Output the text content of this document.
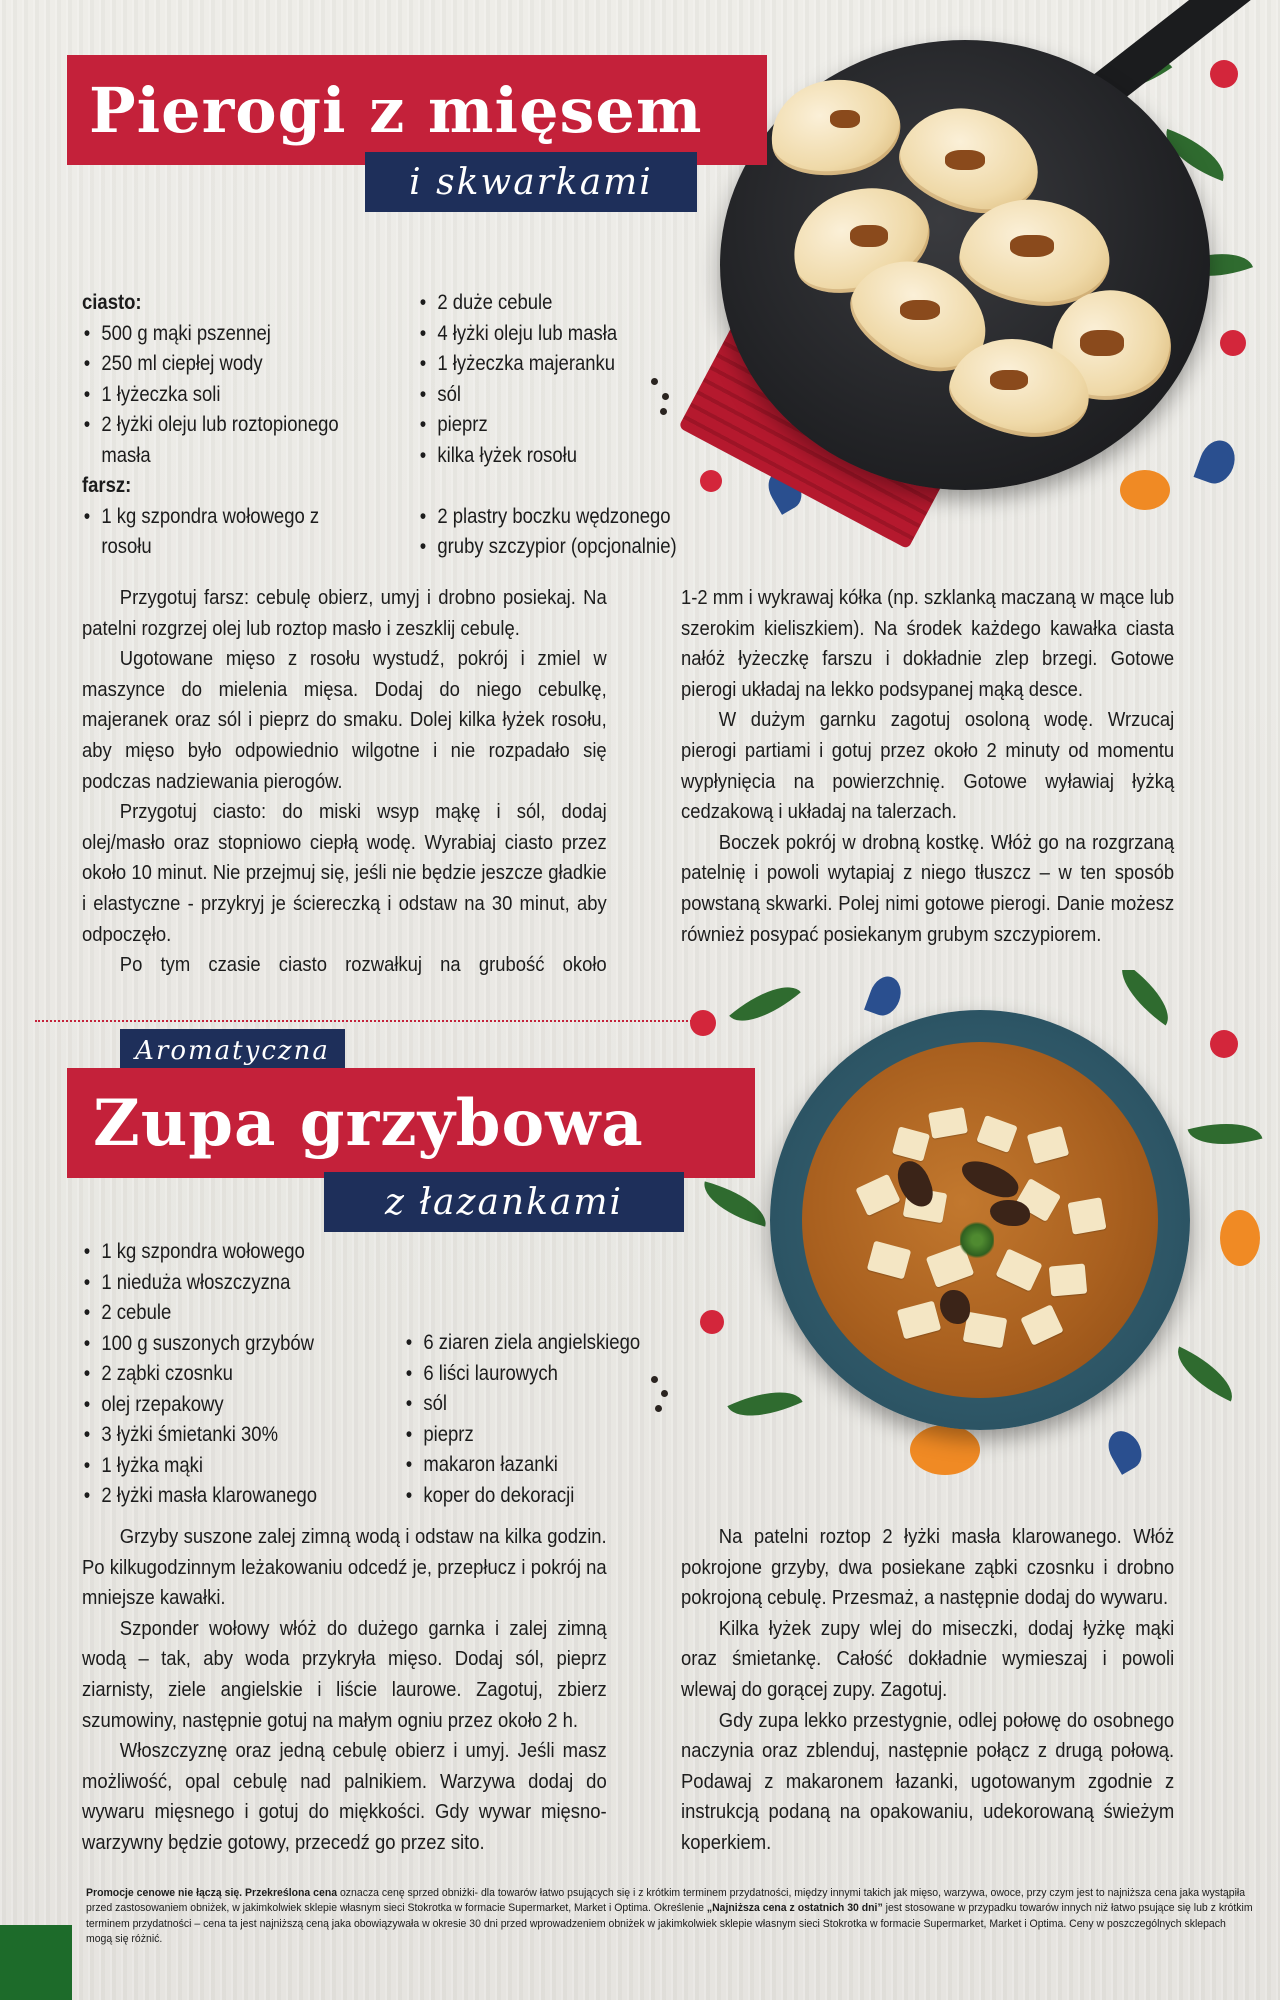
Pierogi z mięsem
i skwarkami
ciasto:
• 500 g mąki pszennej
• 250 ml ciepłej wody
• 1 łyżeczka soli
• 2 łyżki oleju lub roztopionego masła
farsz:
• 1 kg szpondra wołowego z rosołu
• 2 duże cebule
• 4 łyżki oleju lub masła
• 1 łyżeczka majeranku
• sól
• pieprz
• kilka łyżek rosołu
• 2 plastry boczku wędzonego
• gruby szczypior (opcjonalnie)

Przygotuj farsz: cebulę obierz, umyj i drobno posiekaj. Na patelni rozgrzej olej lub roztop masło i zeszklij cebulę.

Ugotowane mięso z rosołu wystudź, pokrój i zmiel w maszynce do mielenia mięsa. Dodaj do niego cebulkę, majeranek oraz sól i pieprz do smaku. Dolej kilka łyżek rosołu, aby mięso było odpowiednio wilgotne i nie rozpadało się podczas nadziewania pierogów.

Przygotuj ciasto: do miski wsyp mąkę i sól, dodaj olej/masło oraz stopniowo ciepłą wodę. Wyrabiaj ciasto przez około 10 minut. Nie przejmuj się, jeśli nie będzie jeszcze gładkie i elastyczne - przykryj je ściereczką i odstaw na 30 minut, aby odpoczęło.

Po tym czasie ciasto rozwałkuj na grubość około

1-2 mm i wykrawaj kółka (np. szklanką maczaną w mące lub szerokim kieliszkiem). Na środek każdego kawałka ciasta nałóż łyżeczkę farszu i dokładnie zlep brzegi. Gotowe pierogi układaj na lekko podsypanej mąką desce.

W dużym garnku zagotuj osoloną wodę. Wrzucaj pierogi partiami i gotuj przez około 2 minuty od momentu wypłynięcia na powierzchnię. Gotowe wyławiaj łyżką cedzakową i układaj na talerzach.

Boczek pokrój w drobną kostkę. Włóż go na rozgrzaną patelnię i powoli wytapiaj z niego tłuszcz – w ten sposób powstaną skwarki. Polej nimi gotowe pierogi. Danie możesz również posypać posiekanym grubym szczypiorem.

Aromatyczna
Zupa grzybowa
z łazankami
• 1 kg szpondra wołowego
• 1 nieduża włoszczyzna
• 2 cebule
• 100 g suszonych grzybów
• 2 ząbki czosnku
• olej rzepakowy
• 3 łyżki śmietanki 30%
• 1 łyżka mąki
• 2 łyżki masła klarowanego
• 6 ziaren ziela angielskiego
• 6 liści laurowych
• sól
• pieprz
• makaron łazanki
• koper do dekoracji

Grzyby suszone zalej zimną wodą i odstaw na kilka godzin. Po kilkugodzinnym leżakowaniu odcedź je, przepłucz i pokrój na mniejsze kawałki.

Szponder wołowy włóż do dużego garnka i zalej zimną wodą – tak, aby woda przykryła mięso. Dodaj sól, pieprz ziarnisty, ziele angielskie i liście laurowe. Zagotuj, zbierz szumowiny, następnie gotuj na małym ogniu przez około 2 h.

Włoszczyznę oraz jedną cebulę obierz i umyj. Jeśli masz możliwość, opal cebulę nad palnikiem. Warzywa dodaj do wywaru mięsnego i gotuj do miękkości. Gdy wywar mięsno-warzywny będzie gotowy, przecedź go przez sito.

Na patelni roztop 2 łyżki masła klarowanego. Włóż pokrojone grzyby, dwa posiekane ząbki czosnku i drobno pokrojoną cebulę. Przesmaż, a następnie dodaj do wywaru.

Kilka łyżek zupy wlej do miseczki, dodaj łyżkę mąki oraz śmietankę. Całość dokładnie wymieszaj i powoli wlewaj do gorącej zupy. Zagotuj.

Gdy zupa lekko przestygnie, odlej połowę do osobnego naczynia oraz zblenduj, następnie połącz z drugą połową. Podawaj z makaronem łazanki, ugotowanym zgodnie z instrukcją podaną na opakowaniu, udekorowaną świeżym koperkiem.

Promocje cenowe nie łączą się. Przekreślona cena oznacza cenę sprzed obniżki- dla towarów łatwo psujących się i z krótkim terminem przydatności, między innymi takich jak mięso, warzywa, owoce, przy czym jest to najniższa cena jaka wystąpiła przed zastosowaniem obniżek, w jakimkolwiek sklepie własnym sieci Stokrotka w formacie Supermarket, Market i Optima. Określenie „Najniższa cena z ostatnich 30 dni” jest stosowane w przypadku towarów innych niż łatwo psujące się lub z krótkim terminem przydatności – cena ta jest najniższą ceną jaka obowiązywała w okresie 30 dni przed wprowadzeniem obniżek w jakimkolwiek sklepie własnym sieci Stokrotka w formacie Supermarket, Market i Optima. Ceny w poszczególnych sklepach mogą się różnić.
